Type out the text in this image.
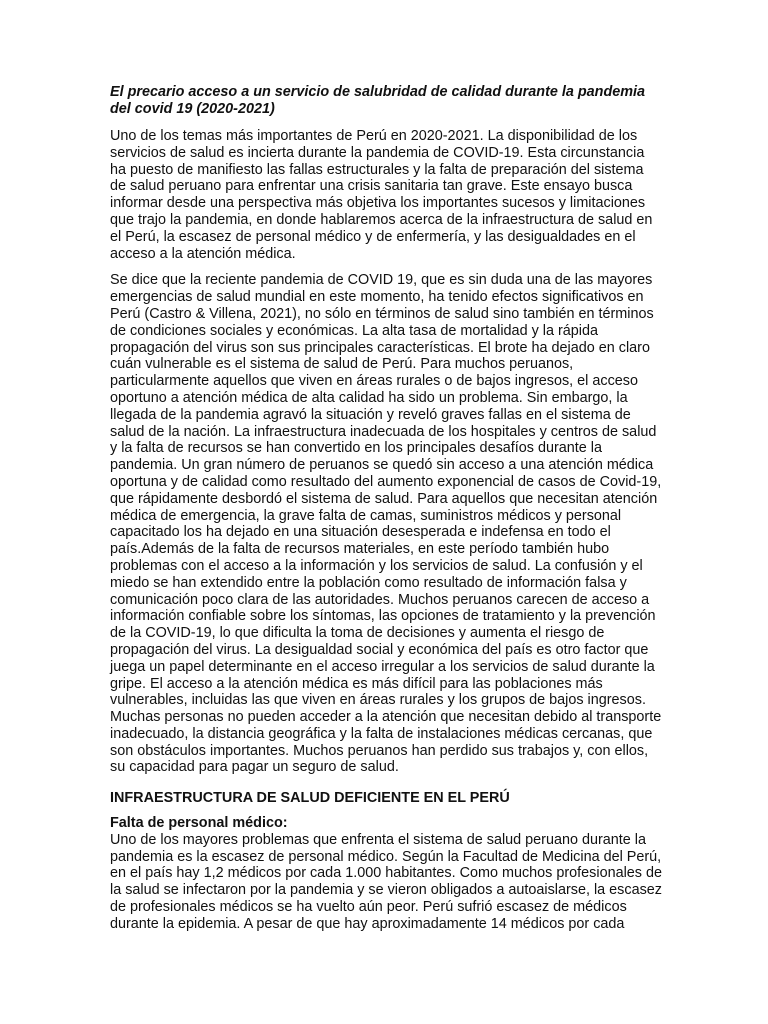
El precario acceso a un servicio de salubridad de calidad durante la pandemia del covid 19 (2020-2021)

Uno de los temas más importantes de Perú en 2020-2021. La disponibilidad de los servicios de salud es incierta durante la pandemia de COVID-19. Esta circunstancia ha puesto de manifiesto las fallas estructurales y la falta de preparación del sistema de salud peruano para enfrentar una crisis sanitaria tan grave. Este ensayo busca informar desde una perspectiva más objetiva los importantes sucesos y limitaciones que trajo la pandemia, en donde hablaremos acerca de la infraestructura de salud en el Perú, la escasez de personal médico y de enfermería, y las desigualdades en el acceso a la atención médica.

Se dice que la reciente pandemia de COVID 19, que es sin duda una de las mayores emergencias de salud mundial en este momento, ha tenido efectos significativos en Perú (Castro & Villena, 2021), no sólo en términos de salud sino también en términos de condiciones sociales y económicas. La alta tasa de mortalidad y la rápida propagación del virus son sus principales características. El brote ha dejado en claro cuán vulnerable es el sistema de salud de Perú. Para muchos peruanos, particularmente aquellos que viven en áreas rurales o de bajos ingresos, el acceso oportuno a atención médica de alta calidad ha sido un problema. Sin embargo, la llegada de la pandemia agravó la situación y reveló graves fallas en el sistema de salud de la nación. La infraestructura inadecuada de los hospitales y centros de salud y la falta de recursos se han convertido en los principales desafíos durante la pandemia. Un gran número de peruanos se quedó sin acceso a una atención médica oportuna y de calidad como resultado del aumento exponencial de casos de Covid-19, que rápidamente desbordó el sistema de salud. Para aquellos que necesitan atención médica de emergencia, la grave falta de camas, suministros médicos y personal capacitado los ha dejado en una situación desesperada e indefensa en todo el país.Además de la falta de recursos materiales, en este período también hubo problemas con el acceso a la información y los servicios de salud. La confusión y el miedo se han extendido entre la población como resultado de información falsa y comunicación poco clara de las autoridades. Muchos peruanos carecen de acceso a información confiable sobre los síntomas, las opciones de tratamiento y la prevención de la COVID-19, lo que dificulta la toma de decisiones y aumenta el riesgo de propagación del virus. La desigualdad social y económica del país es otro factor que juega un papel determinante en el acceso irregular a los servicios de salud durante la gripe. El acceso a la atención médica es más difícil para las poblaciones más vulnerables, incluidas las que viven en áreas rurales y los grupos de bajos ingresos. Muchas personas no pueden acceder a la atención que necesitan debido al transporte inadecuado, la distancia geográfica y la falta de instalaciones médicas cercanas, que son obstáculos importantes. Muchos peruanos han perdido sus trabajos y, con ellos, su capacidad para pagar un seguro de salud.

INFRAESTRUCTURA DE SALUD DEFICIENTE EN EL PERÚ

Falta de personal médico:

Uno de los mayores problemas que enfrenta el sistema de salud peruano durante la pandemia es la escasez de personal médico. Según la Facultad de Medicina del Perú, en el país hay 1,2 médicos por cada 1.000 habitantes. Como muchos profesionales de la salud se infectaron por la pandemia y se vieron obligados a autoaislarse, la escasez de profesionales médicos se ha vuelto aún peor. Perú sufrió escasez de médicos durante la epidemia. A pesar de que hay aproximadamente 14 médicos por cada
